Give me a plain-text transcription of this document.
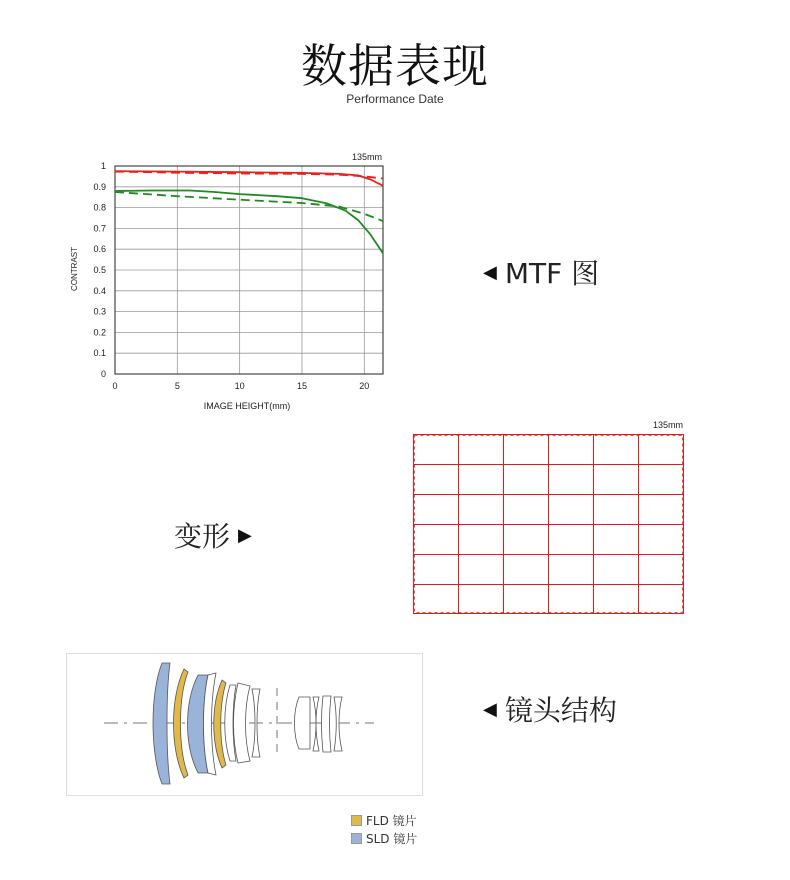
数据表现
Performance Date
0
0.1
0.2
0.3
0.4
0.5
0.6
0.7
0.8
0.9
1
0	5	10	15	20
135mm
IMAGE HEIGHT(mm)
CONTRAST	◀ MTF 图
变形 ▶
135mm
◀ 镜头结构
FLD 镜片
SLD 镜片
